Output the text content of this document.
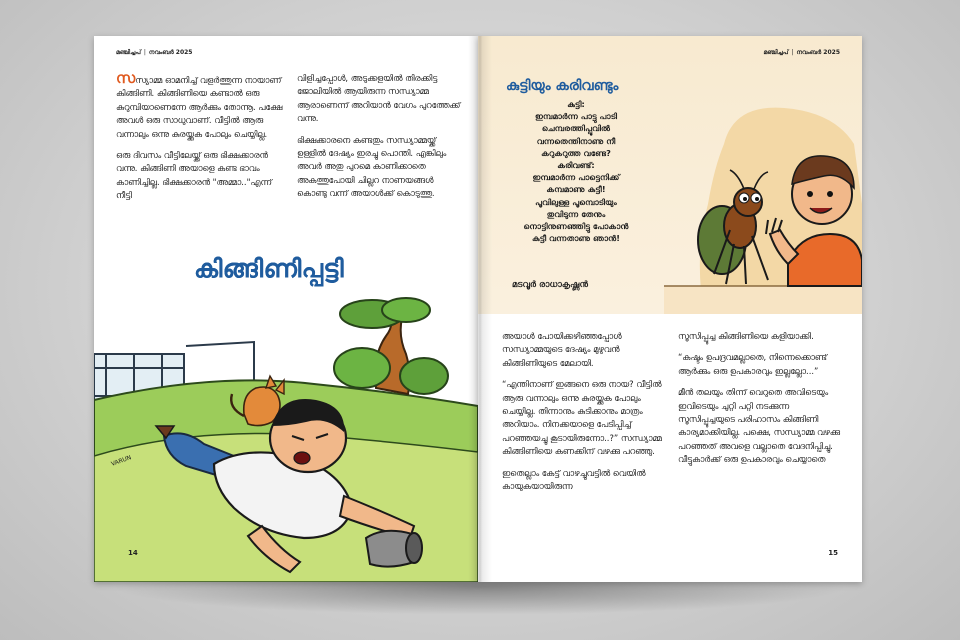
മഞ്ചിച്ചപ് | നവംബർ 2025

സസ്യാമ്മ ഓമനിച്ച് വളർത്തുന്ന നായാണ് കിങ്ങിണി. കിങ്ങിണിയെ കണ്ടാൽ ഒരു കുറുമ്പിയാണെന്നേ ആർക്കും തോന്നൂ. പക്ഷേ അവൾ ഒരു സാധുവാണ്. വീട്ടിൽ ആരു വന്നാലും ഒന്നു കുരയ്ക്കുക പോലും ചെയ്യില്ല.

ഒരു ദിവസം വീട്ടിലേയ്ക്ക് ഒരു ഭിക്ഷക്കാരൻ വന്നു. കിങ്ങിണി അയാളെ കണ്ട ഭാവം കാണിച്ചില്ല. ഭിക്ഷക്കാരൻ "അമ്മാ.."എന്ന് നീട്ടി

വിളിച്ചപ്പോൾ, അടുക്കളയിൽ തിരക്കിട്ട ജോലിയിൽ ആയിരുന്ന സന്ധ്യാമ്മ ആരാണെന്ന് അറിയാൻ വേഗം പുറത്തേക്ക് വന്നു.

ഭിക്ഷക്കാരനെ കണ്ടതും സന്ധ്യാമ്മയ്ക്ക് ഉള്ളിൽ ദേഷ്യം ഇരച്ചു പൊന്തി. എങ്കിലും അവർ അതു പുറമെ കാണിക്കാതെ അകത്തുപോയി ചില്ലറ നാണയങ്ങൾ കൊണ്ടു വന്ന് അയാൾക്ക് കൊടുത്തു.

VARUN
കിങ്ങിണിപ്പട്ടി
14
മഞ്ചിച്ചപ് | നവംബർ 2025
കുട്ടിയും കരിവണ്ടും
കുട്ടി:
ഇമ്പമാർന്ന പാട്ടു പാടി
ചെമ്പരത്തിപ്പൂവിൽ
വന്നതെന്തിനാണു നീ
കറുകറുത്ത വണ്ടേ?
കരിവണ്ട്:
ഇമ്പമാർന്ന പാട്ടെനിക്ക്
കമ്പമാണു കുട്ടീ!
പൂവിലുള്ള പൂമ്പൊടിയും
തുവിടുന്ന തേനും
നൊട്ടിനുണഞ്ഞിട്ടു പോകാൻ
കുട്ടീ വന്നതാണു ഞാൻ!
മടവൂർ രാധാകൃഷ്ണൻ

അയാൾ പോയിക്കഴിഞ്ഞപ്പോൾ സന്ധ്യാമ്മയുടെ ദേഷ്യം മുഴുവൻ കിങ്ങിണിയുടെ മേലായി.

“എന്തിനാണ് ഇങ്ങനെ ഒരു നായ? വീട്ടിൽ ആരു വന്നാലും ഒന്നു കുരയ്ക്കുക പോലും ചെയ്യില്ല. തിന്നാനും കുടിക്കാനും മാത്രം അറിയാം. നിനക്കയാളെ പേടിപ്പിച്ച് പറഞ്ഞയച്ചു കൂടായിരുന്നോ..?” സന്ധ്യാമ്മ കിങ്ങിണിയെ കണക്കിന് വഴക്കു പറഞ്ഞു.

ഇതെല്ലാം കേട്ട് വാഴച്ചുവട്ടിൽ വെയിൽ കായുകയായിരുന്ന

സൂസിപ്പൂച്ച കിങ്ങിണിയെ കളിയാക്കി.

“കഷ്ടം ഉപദ്രവമല്ലാതെ, നിന്നെക്കൊണ്ട് ആർക്കും ഒരു ഉപകാരവും ഇല്ലല്ലോ...”

മീൻ തലയും തിന്ന് വെറുതെ അവിടെയും ഇവിടെയും ചുറ്റി പറ്റി നടക്കുന്ന സൂസിപ്പൂച്ചയുടെ പരിഹാസം കിങ്ങിണി കാര്യമാക്കിയില്ല. പക്ഷെ, സന്ധ്യാമ്മ വഴക്കു പറഞ്ഞത് അവളെ വല്ലാതെ വേദനിപ്പിച്ചു. വീട്ടുകാർക്ക് ഒരു ഉപകാരവും ചെയ്യാതെ

15
